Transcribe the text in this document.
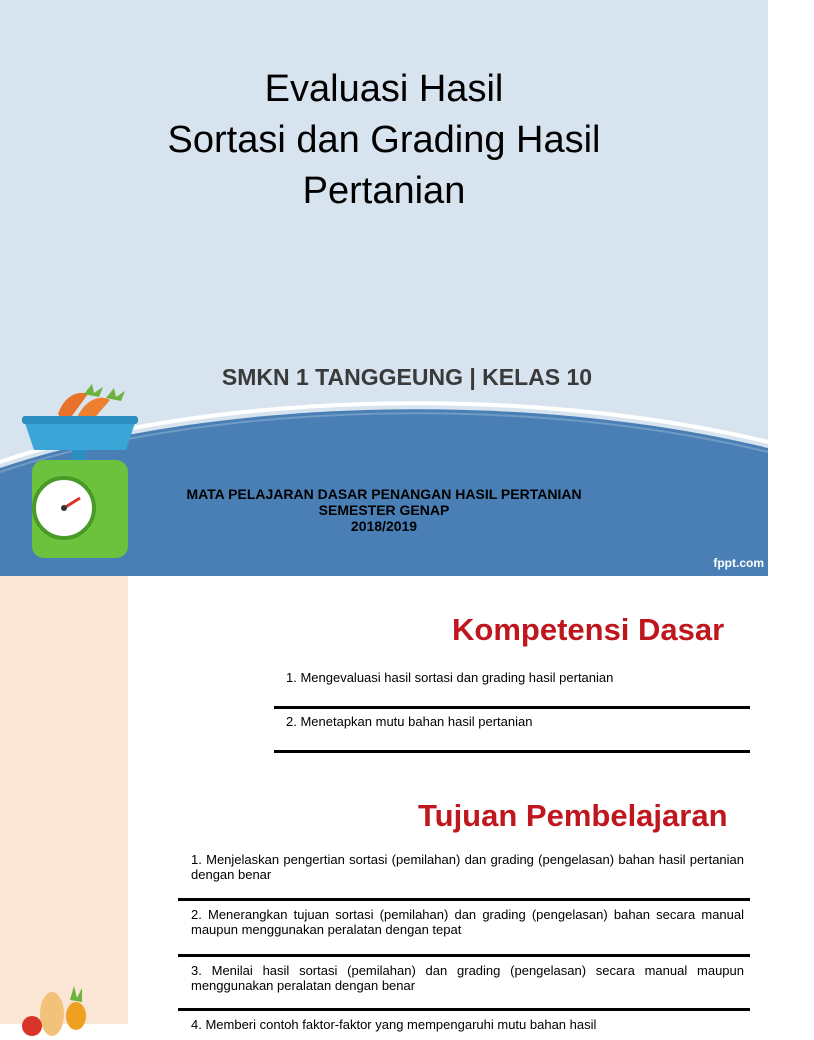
Evaluasi Hasil
Sortasi dan Grading Hasil
Pertanian
SMKN 1 TANGGEUNG | KELAS 10
MATA PELAJARAN DASAR PENANGAN HASIL PERTANIAN
SEMESTER GENAP
2018/2019
fppt.com
Kompetensi Dasar
1. Mengevaluasi hasil sortasi dan grading hasil pertanian
2. Menetapkan mutu bahan hasil pertanian
Tujuan Pembelajaran
1. Menjelaskan pengertian sortasi (pemilahan) dan grading (pengelasan) bahan hasil pertanian dengan benar
2. Menerangkan tujuan sortasi (pemilahan) dan grading (pengelasan) bahan secara manual maupun menggunakan peralatan dengan tepat
3. Menilai hasil sortasi (pemilahan) dan grading (pengelasan) secara manual maupun menggunakan peralatan dengan benar
4. Memberi contoh faktor-faktor yang mempengaruhi mutu bahan hasil
